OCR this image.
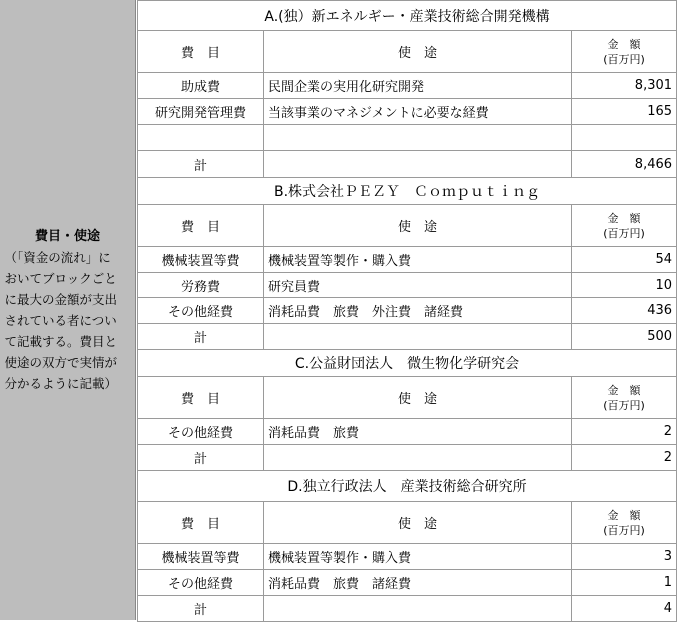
費目・使途
（「資金の流れ」に
おいてブロックごと
に最大の金額が支出
されている者につい
て記載する。費目と
使途の双方で実情が
分かるように記載）
A.(独）新エネルギー・産業技術総合開発機構		
費　目	使　途	金　額
(百万円)

助成費	民間企業の実用化研究開発	8,301
研究開発管理費	当該事業のマネジメントに必要な経費	165

計		8,466
B.株式会社ＰＥＺＹ　Ｃｏｍｐｕｔｉｎｇ		
費　目	使　途	金　額
(百万円)

機械装置等費	機械装置等製作・購入費	54
労務費	研究員費	10
その他経費	消耗品費　旅費　外注費　諸経費	436
計		500
C.公益財団法人　微生物化学研究会		
費　目	使　途	金　額
(百万円)

その他経費	消耗品費　旅費	2
計		2
D.独立行政法人　産業技術総合研究所		
費　目	使　途	金　額
(百万円)

機械装置等費	機械装置等製作・購入費	3
その他経費	消耗品費　旅費　諸経費	1
計		4
